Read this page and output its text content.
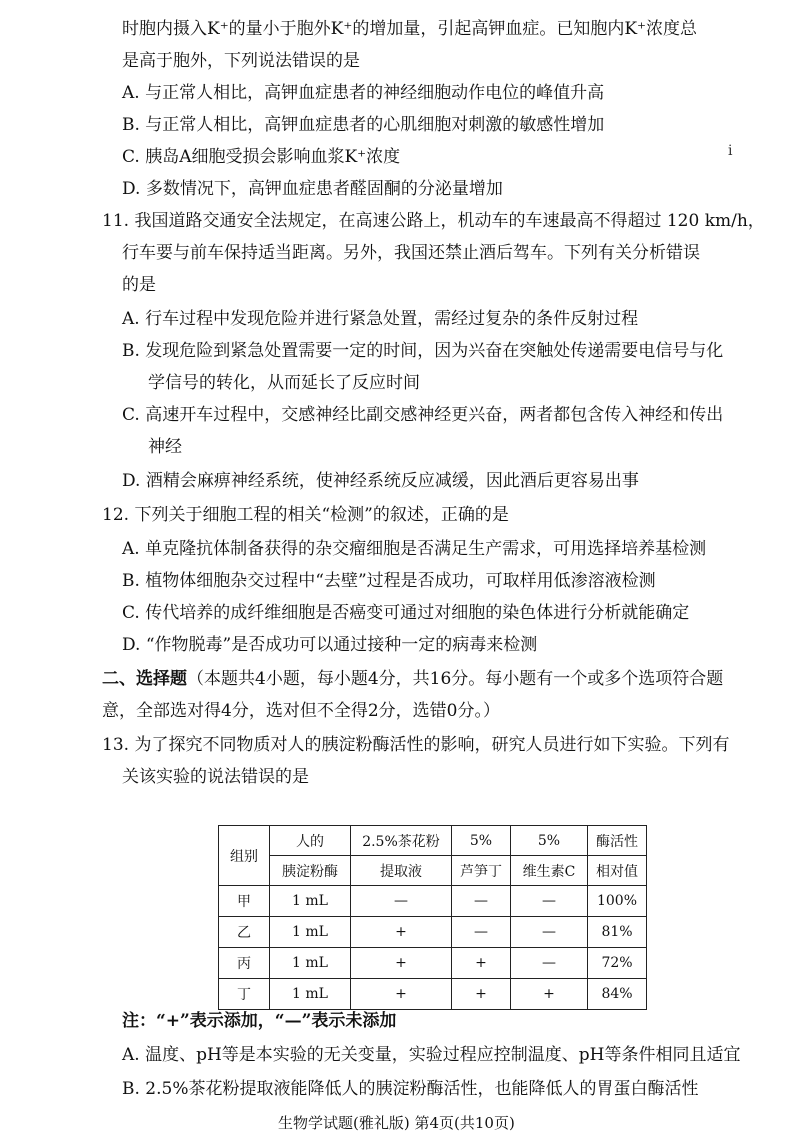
时胞内摄入K⁺的量小于胞外K⁺的增加量，引起高钾血症。已知胞内K⁺浓度总
是高于胞外，下列说法错误的是
A. 与正常人相比，高钾血症患者的神经细胞动作电位的峰值升高
B. 与正常人相比，高钾血症患者的心肌细胞对刺激的敏感性增加
C. 胰岛A细胞受损会影响血浆K⁺浓度
D. 多数情况下，高钾血症患者醛固酮的分泌量增加
i
11. 我国道路交通安全法规定，在高速公路上，机动车的车速最高不得超过 120 km/h，
行车要与前车保持适当距离。另外，我国还禁止酒后驾车。下列有关分析错误
的是
A. 行车过程中发现危险并进行紧急处置，需经过复杂的条件反射过程
B. 发现危险到紧急处置需要一定的时间，因为兴奋在突触处传递需要电信号与化
学信号的转化，从而延长了反应时间
C. 高速开车过程中，交感神经比副交感神经更兴奋，两者都包含传入神经和传出
神经
D. 酒精会麻痹神经系统，使神经系统反应减缓，因此酒后更容易出事
12. 下列关于细胞工程的相关“检测”的叙述，正确的是
A. 单克隆抗体制备获得的杂交瘤细胞是否满足生产需求，可用选择培养基检测
B. 植物体细胞杂交过程中“去壁”过程是否成功，可取样用低渗溶液检测
C. 传代培养的成纤维细胞是否癌变可通过对细胞的染色体进行分析就能确定
D. “作物脱毒”是否成功可以通过接种一定的病毒来检测
二、选择题（本题共4小题，每小题4分，共16分。每小题有一个或多个选项符合题
意，全部选对得4分，选对但不全得2分，选错0分。）
13. 为了探究不同物质对人的胰淀粉酶活性的影响，研究人员进行如下实验。下列有
关该实验的说法错误的是
组别	人的	2.5%茶花粉	5%	5%	酶活性
	胰淀粉酶	提取液	芦笋丁	维生素C	相对值
甲	1 mL	—	—	—	100%
乙	1 mL	+	—	—	81%
丙	1 mL	+	+	—	72%
丁	1 mL	+	+	+	84%
注：“+”表示添加，“—”表示未添加
A. 温度、pH等是本实验的无关变量，实验过程应控制温度、pH等条件相同且适宜
B. 2.5%茶花粉提取液能降低人的胰淀粉酶活性，也能降低人的胃蛋白酶活性
生物学试题(雅礼版) 第4页(共10页)
